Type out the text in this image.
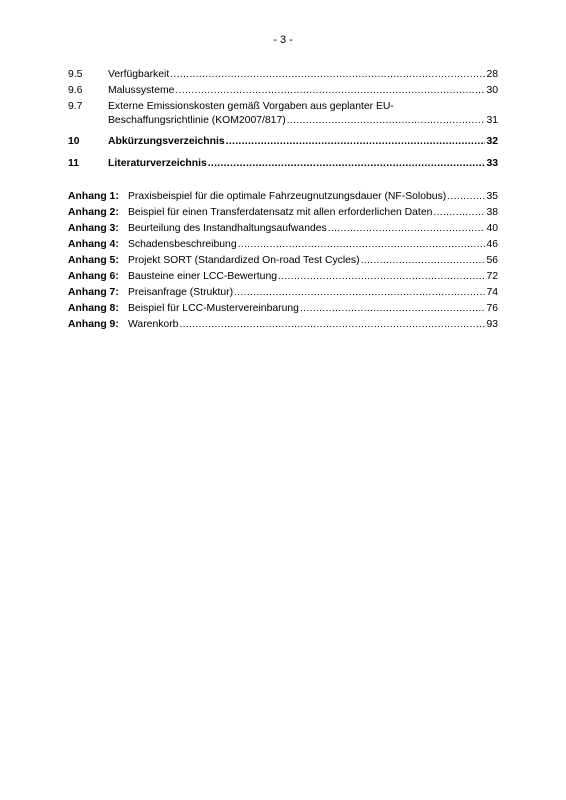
- 3 -
9.5	Verfügbarkeit .....	28
9.6	Malussysteme .....	30
9.7	Externe Emissionskosten gemäß Vorgaben aus geplanter EU-
Beschaffungsrichtlinie (KOM2007/817) .....	31
10	Abkürzungsverzeichnis .....	32
11	Literaturverzeichnis .....	33
Anhang 1: Praxisbeispiel für die optimale Fahrzeugnutzungsdauer (NF-Solobus) .....	35
Anhang 2: Beispiel für einen Transferdatensatz mit allen erforderlichen Daten .....	38
Anhang 3: Beurteilung des Instandhaltungsaufwandes .....	40
Anhang 4: Schadensbeschreibung .....	46
Anhang 5: Projekt SORT (Standardized On-road Test Cycles) .....	56
Anhang 6: Bausteine einer LCC-Bewertung .....	72
Anhang 7: Preisanfrage (Struktur) .....	74
Anhang 8: Beispiel für LCC-Mustervereinbarung .....	76
Anhang 9: Warenkorb .....	93
